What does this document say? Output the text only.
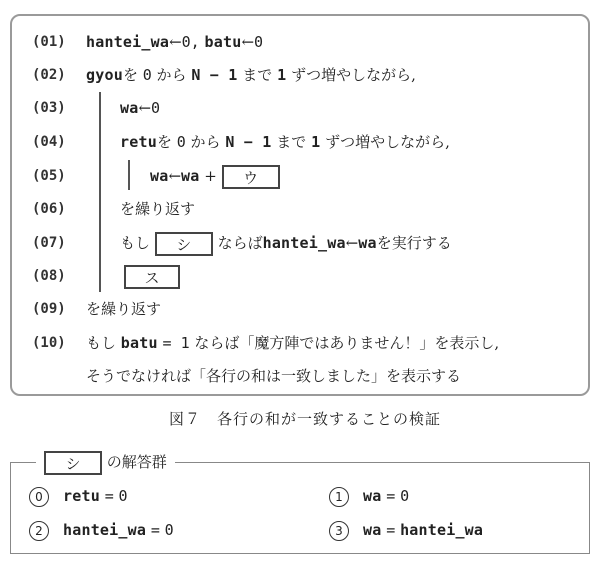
(01) hantei_wa←0, batu←0
(02) gyouを 0 から N − 1 まで 1 ずつ増やしながら,
(03)	wa←0
(04)	retuを 0 から N − 1 まで 1 ずつ増やしながら,
(05)	wa←wa + ウ
(06)	を繰り返す
(07)	もし シ ならばhantei_wa←waを実行する
(08)	ス
(09) を繰り返す
(10) もし batu = 1 ならば「魔方陣ではありません！」を表示し,
そうでなければ「各行の和は一致しました」を表示する
図７　各行の和が一致することの検証
0 retu = 0	1 wa = 0
2 hantei_wa = 0	3 wa = hantei_wa
シ の解答群
